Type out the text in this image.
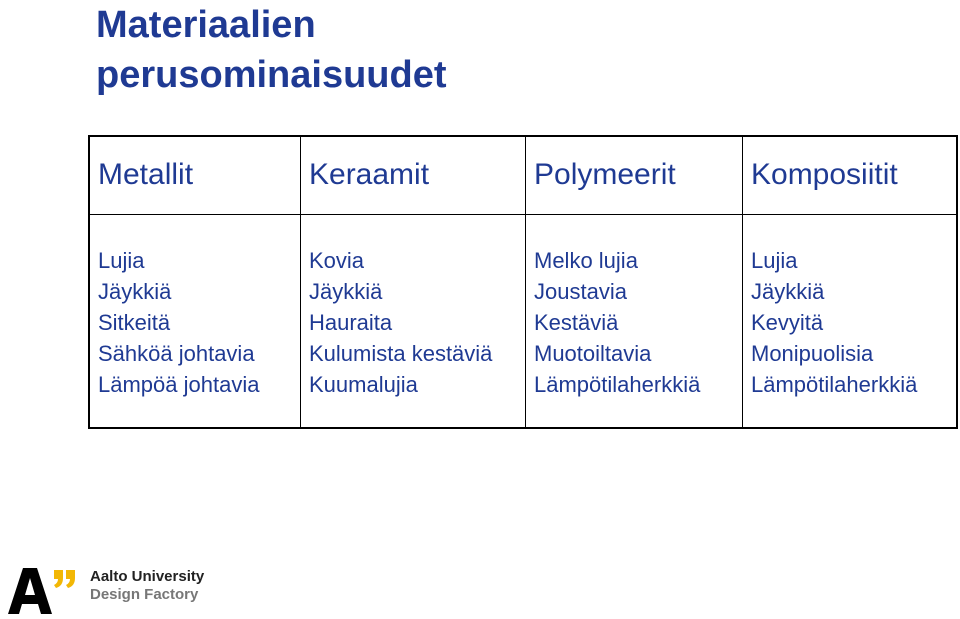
Materiaalien
perusominaisuudet
Metallit
Lujia
Jäykkiä
Sitkeitä
Sähköä johtavia
Lämpöä johtavia
Keraamit
Kovia
Jäykkiä
Hauraita
Kulumista kestäviä
Kuumalujia
Polymeerit
Melko lujia
Joustavia
Kestäviä
Muotoiltavia
Lämpötilaherkkiä
Komposiitit
Lujia
Jäykkiä
Kevyitä
Monipuolisia
Lämpötilaherkkiä
Aalto University
Design Factory
